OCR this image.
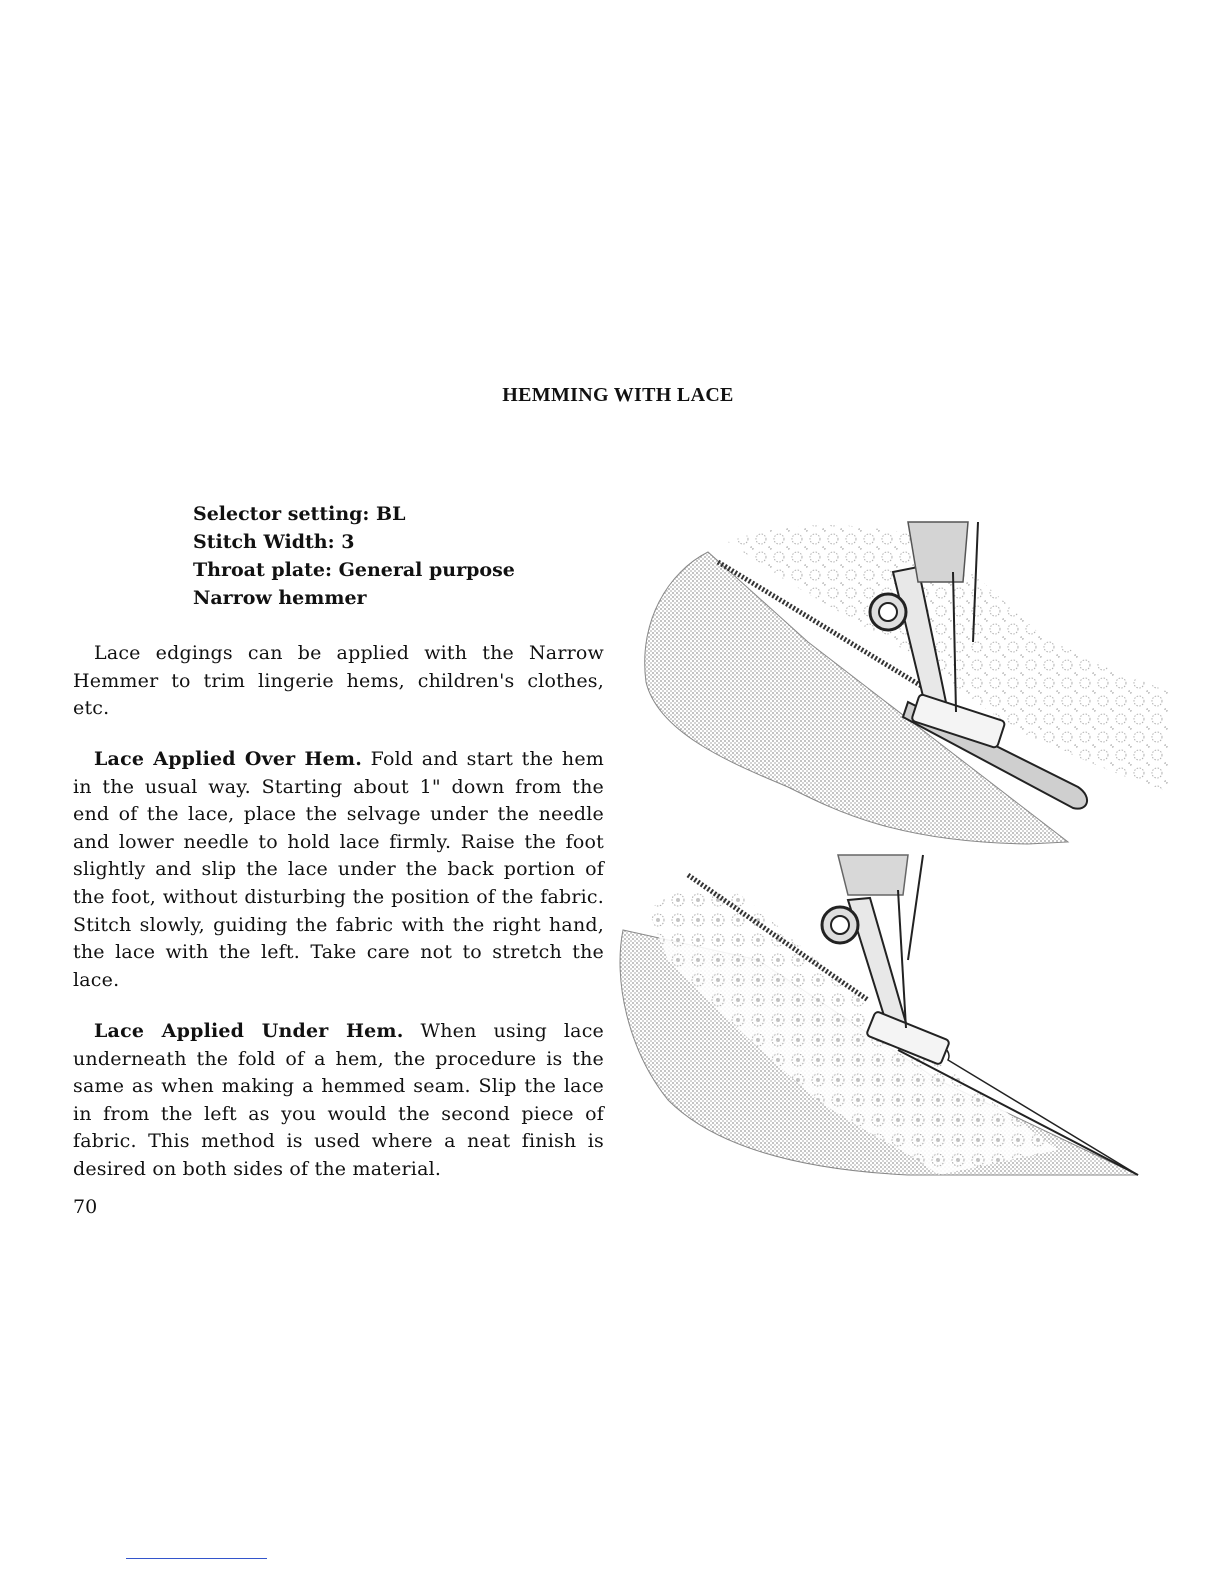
HEMMING WITH LACE
Selector setting: BL
Stitch Width: 3
Throat plate: General purpose
Narrow hemmer
Lace edgings can be applied with the Narrow Hemmer to trim lingerie hems, children's clothes, etc.
Lace Applied Over Hem. Fold and start the hem in the usual way. Starting about 1" down from the end of the lace, place the selvage under the needle and lower needle to hold lace firmly. Raise the foot slightly and slip the lace under the back portion of the foot, without disturbing the position of the fabric. Stitch slowly, guiding the fabric with the right hand, the lace with the left. Take care not to stretch the lace.
Lace Applied Under Hem. When using lace underneath the fold of a hem, the procedure is the same as when making a hemmed seam. Slip the lace in from the left as you would the second piece of fabric. This method is used where a neat finish is desired on both sides of the material.
70
